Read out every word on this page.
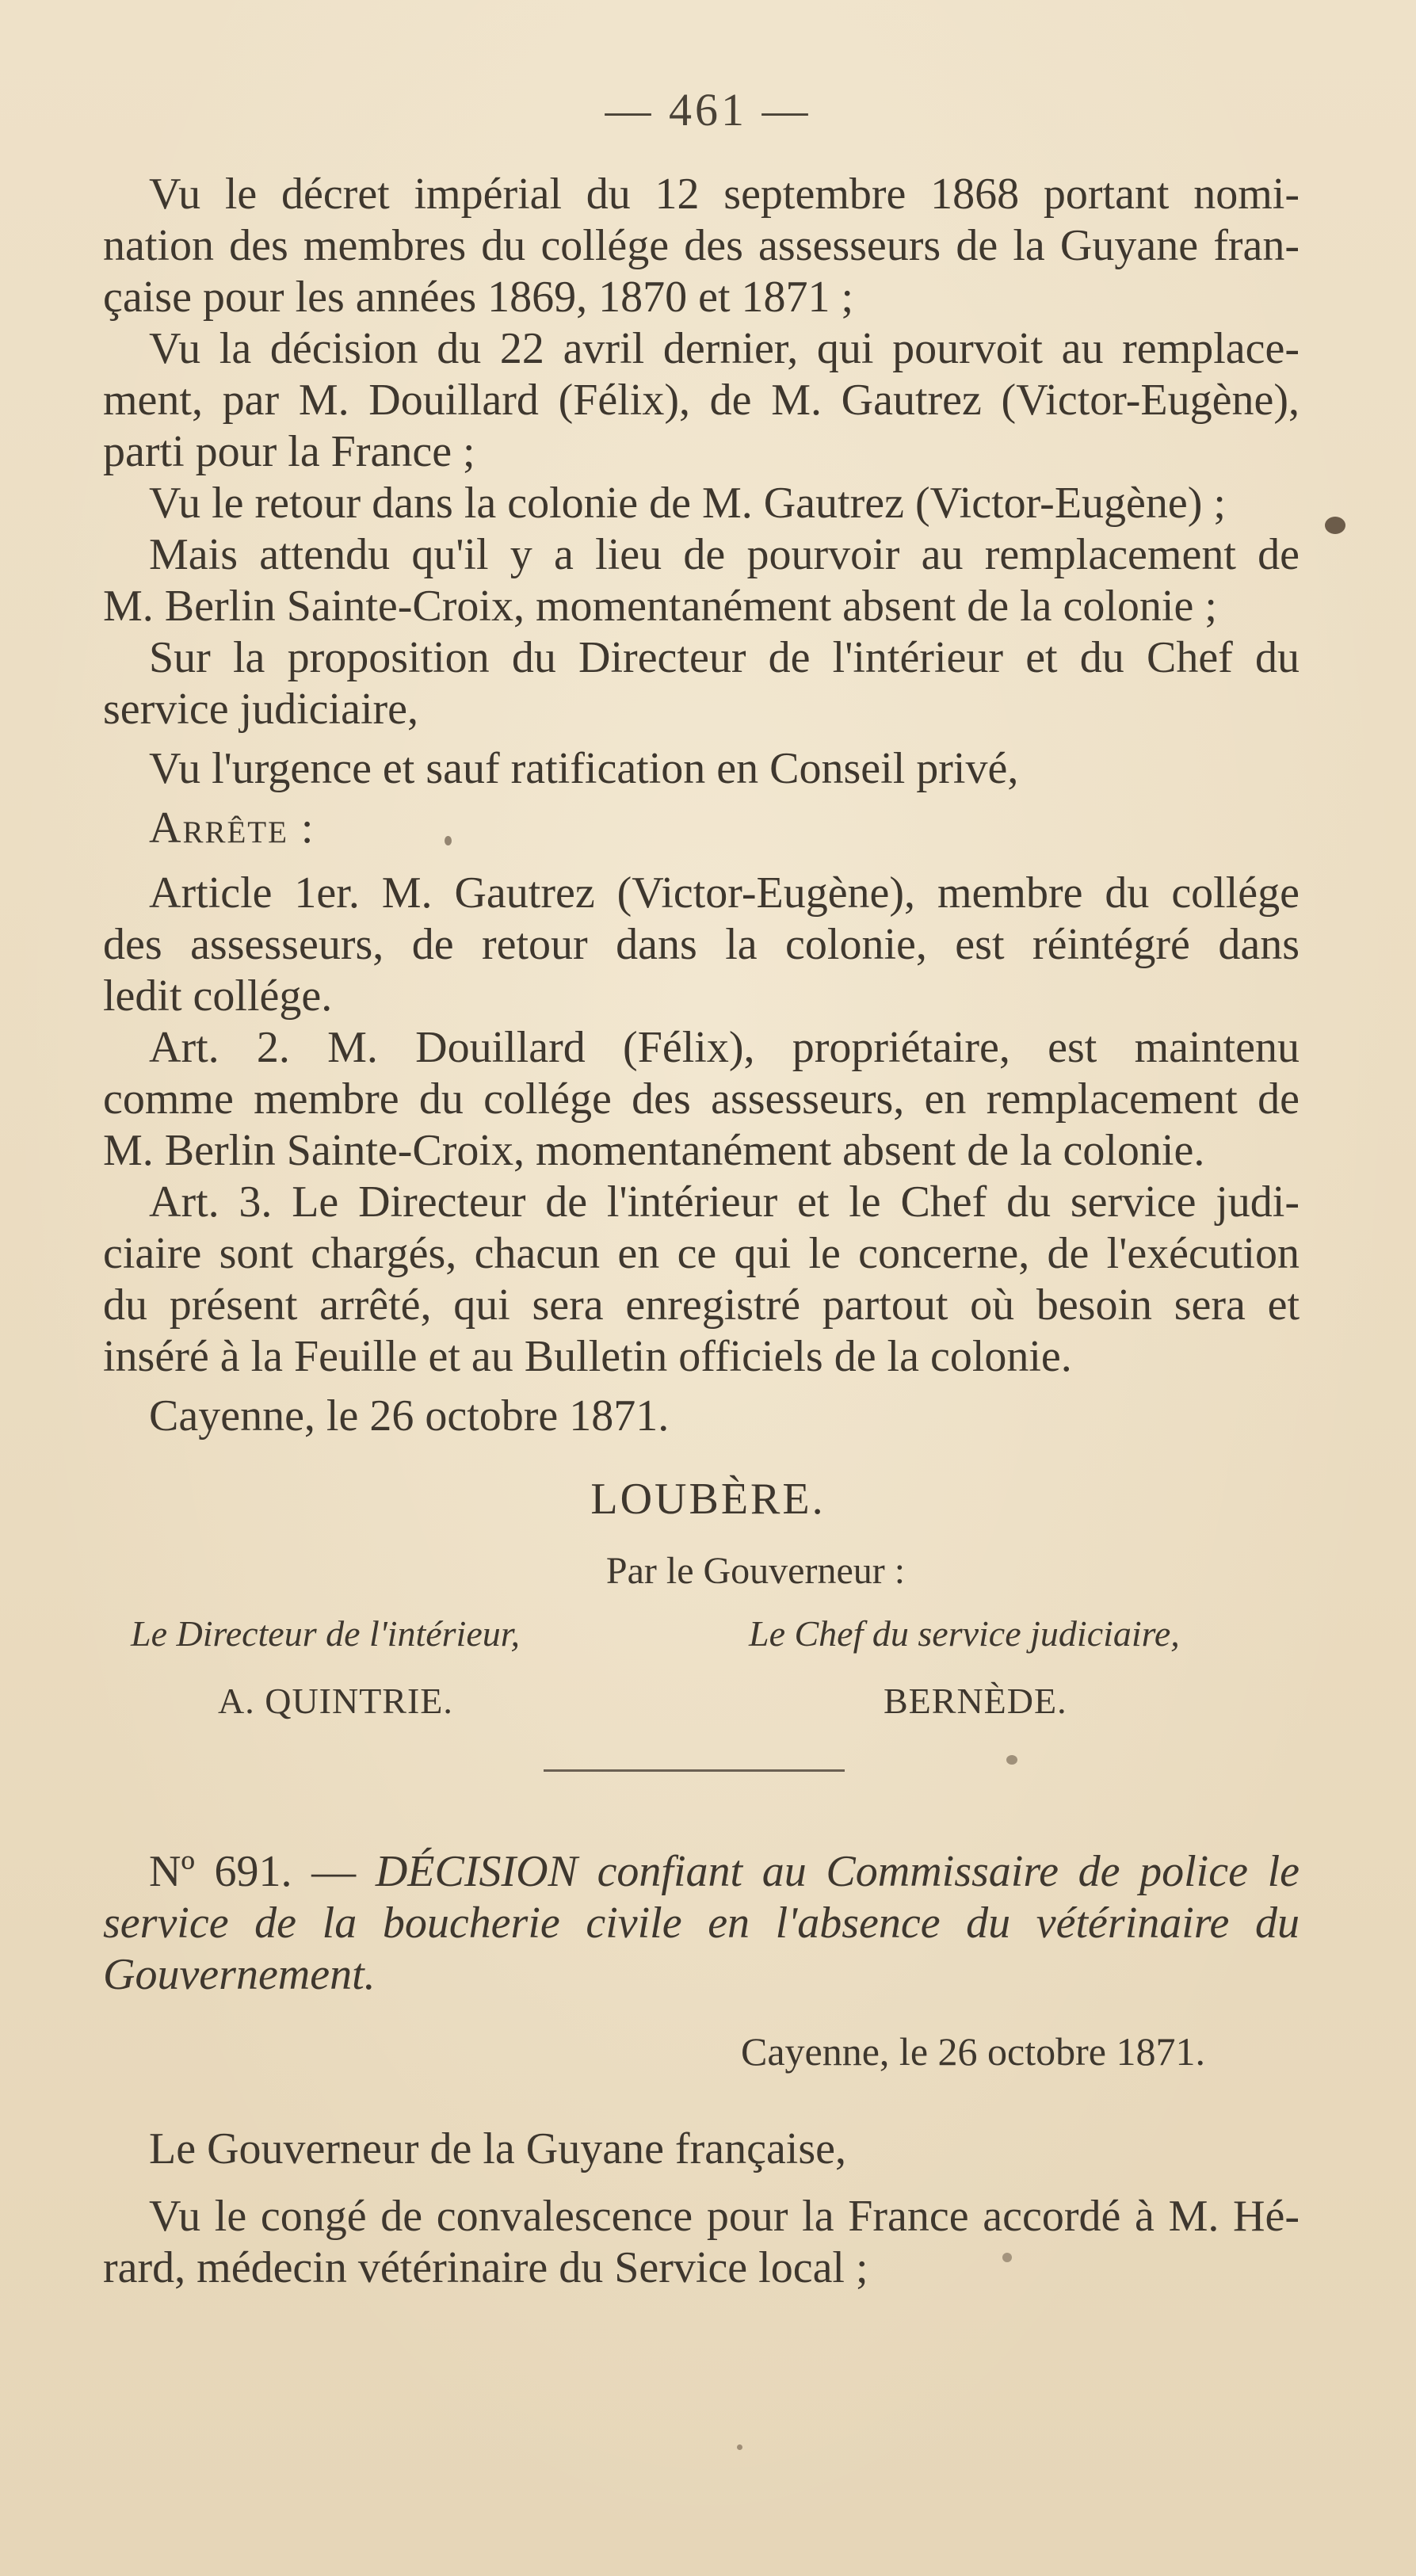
— 461 —
Vu le décret impérial du 12 septembre 1868 portant nomi-
nation des membres du collége des assesseurs de la Guyane fran-
çaise pour les années 1869, 1870 et 1871 ;
Vu la décision du 22 avril dernier, qui pourvoit au remplace-
ment, par M. Douillard (Félix), de M. Gautrez (Victor-Eugène),
parti pour la France ;
Vu le retour dans la colonie de M. Gautrez (Victor-Eugène) ;
Mais attendu qu'il y a lieu de pourvoir au remplacement de
M. Berlin Sainte-Croix, momentanément absent de la colonie ;
Sur la proposition du Directeur de l'intérieur et du Chef du
service judiciaire,
Vu l'urgence et sauf ratification en Conseil privé,
Arrête :
Article 1er. M. Gautrez (Victor-Eugène), membre du collége
des assesseurs, de retour dans la colonie, est réintégré dans
ledit collége.
Art. 2. M. Douillard (Félix), propriétaire, est maintenu
comme membre du collége des assesseurs, en remplacement de
M. Berlin Sainte-Croix, momentanément absent de la colonie.
Art. 3. Le Directeur de l'intérieur et le Chef du service judi-
ciaire sont chargés, chacun en ce qui le concerne, de l'exécution
du présent arrêté, qui sera enregistré partout où besoin sera et
inséré à la Feuille et au Bulletin officiels de la colonie.
Cayenne, le 26 octobre 1871.
LOUBÈRE.
Par le Gouverneur :
Le Directeur de l'intérieur,	Le Chef du service judiciaire,
A. QUINTRIE.	BERNÈDE.
Nº 691. — DÉCISION confiant au Commissaire de police le
service de la boucherie civile en l'absence du vétérinaire du
Gouvernement.
Cayenne, le 26 octobre 1871.
Le Gouverneur de la Guyane française,
Vu le congé de convalescence pour la France accordé à M. Hé-
rard, médecin vétérinaire du Service local ;
